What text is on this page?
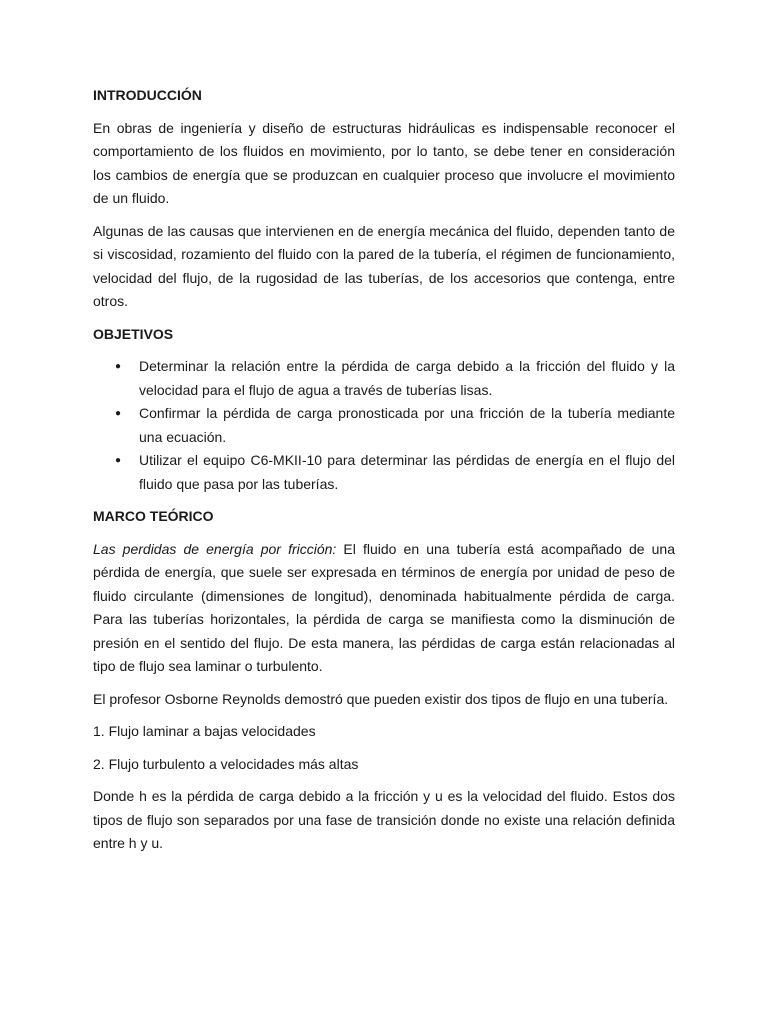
INTRODUCCIÓN

En obras de ingeniería y diseño de estructuras hidráulicas es indispensable reconocer el comportamiento de los fluidos en movimiento, por lo tanto, se debe tener en consideración los cambios de energía que se produzcan en cualquier proceso que involucre el movimiento de un fluido.

Algunas de las causas que intervienen en de energía mecánica del fluido, dependen tanto de si viscosidad, rozamiento del fluido con la pared de la tubería, el régimen de funcionamiento, velocidad del flujo, de la rugosidad de las tuberías, de los accesorios que contenga, entre otros.

OBJETIVOS
● Determinar la relación entre la pérdida de carga debido a la fricción del fluido y la velocidad para el flujo de agua a través de tuberías lisas.
● Confirmar la pérdida de carga pronosticada por una fricción de la tubería mediante una ecuación.
● Utilizar el equipo C6-MKII-10 para determinar las pérdidas de energía en el flujo del fluido que pasa por las tuberías.
MARCO TEÓRICO

Las perdidas de energía por fricción: El fluido en una tubería está acompañado de una pérdida de energía, que suele ser expresada en términos de energía por unidad de peso de fluido circulante (dimensiones de longitud), denominada habitualmente pérdida de carga. Para las tuberías horizontales, la pérdida de carga se manifiesta como la disminución de presión en el sentido del flujo. De esta manera, las pérdidas de carga están relacionadas al tipo de flujo sea laminar o turbulento.

El profesor Osborne Reynolds demostró que pueden existir dos tipos de flujo en una tubería.

1. Flujo laminar a bajas velocidades

2. Flujo turbulento a velocidades más altas

Donde h es la pérdida de carga debido a la fricción y u es la velocidad del fluido. Estos dos tipos de flujo son separados por una fase de transición donde no existe una relación definida entre h y u.
